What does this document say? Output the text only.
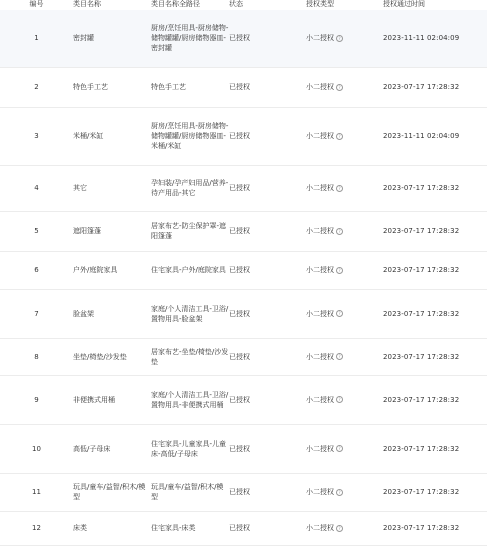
编号	类目名称	类目名称全路径	状态	授权类型	授权通过时间
1	密封罐	厨房/烹饪用具-厨房储物-储物罐罐/厨房储物器皿-密封罐	已授权	小二授权 ?	2023-11-11 02:04:09

2	特色手工艺	特色手工艺	已授权	小二授权 ?	2023-07-17 17:28:32

3	米桶/米缸	厨房/烹饪用具-厨房储物-储物罐罐/厨房储物器皿-米桶/米缸	已授权	小二授权 ?	2023-11-11 02:04:09

4	其它	孕妇装/孕产妇用品/营养-待产用品-其它	已授权	小二授权 ?	2023-07-17 17:28:32

5	遮阳篷蓬	居家布艺-防尘保护罩-遮阳篷蓬	已授权	小二授权 ?	2023-07-17 17:28:32

6	户外/庭院家具	住宅家具-户外/庭院家具	已授权	小二授权 ?	2023-07-17 17:28:32

7	脸盆架	家庭/个人清洁工具-卫浴/置物用具-脸盆架	已授权	小二授权 ?	2023-07-17 17:28:32

8	坐垫/椅垫/沙发垫	居家布艺-坐垫/椅垫/沙发垫	已授权	小二授权 ?	2023-07-17 17:28:32

9	非便携式用桶	家庭/个人清洁工具-卫浴/置物用具-非便携式用桶	已授权	小二授权 ?	2023-07-17 17:28:32

10	高低/子母床	住宅家具-儿童家具-儿童床-高低/子母床	已授权	小二授权 ?	2023-07-17 17:28:32

11	玩具/童车/益智/积木/模型	玩具/童车/益智/积木/模型	已授权	小二授权 ?	2023-07-17 17:28:32

12	床类	住宅家具-床类	已授权	小二授权 ?	2023-07-17 17:28:32
